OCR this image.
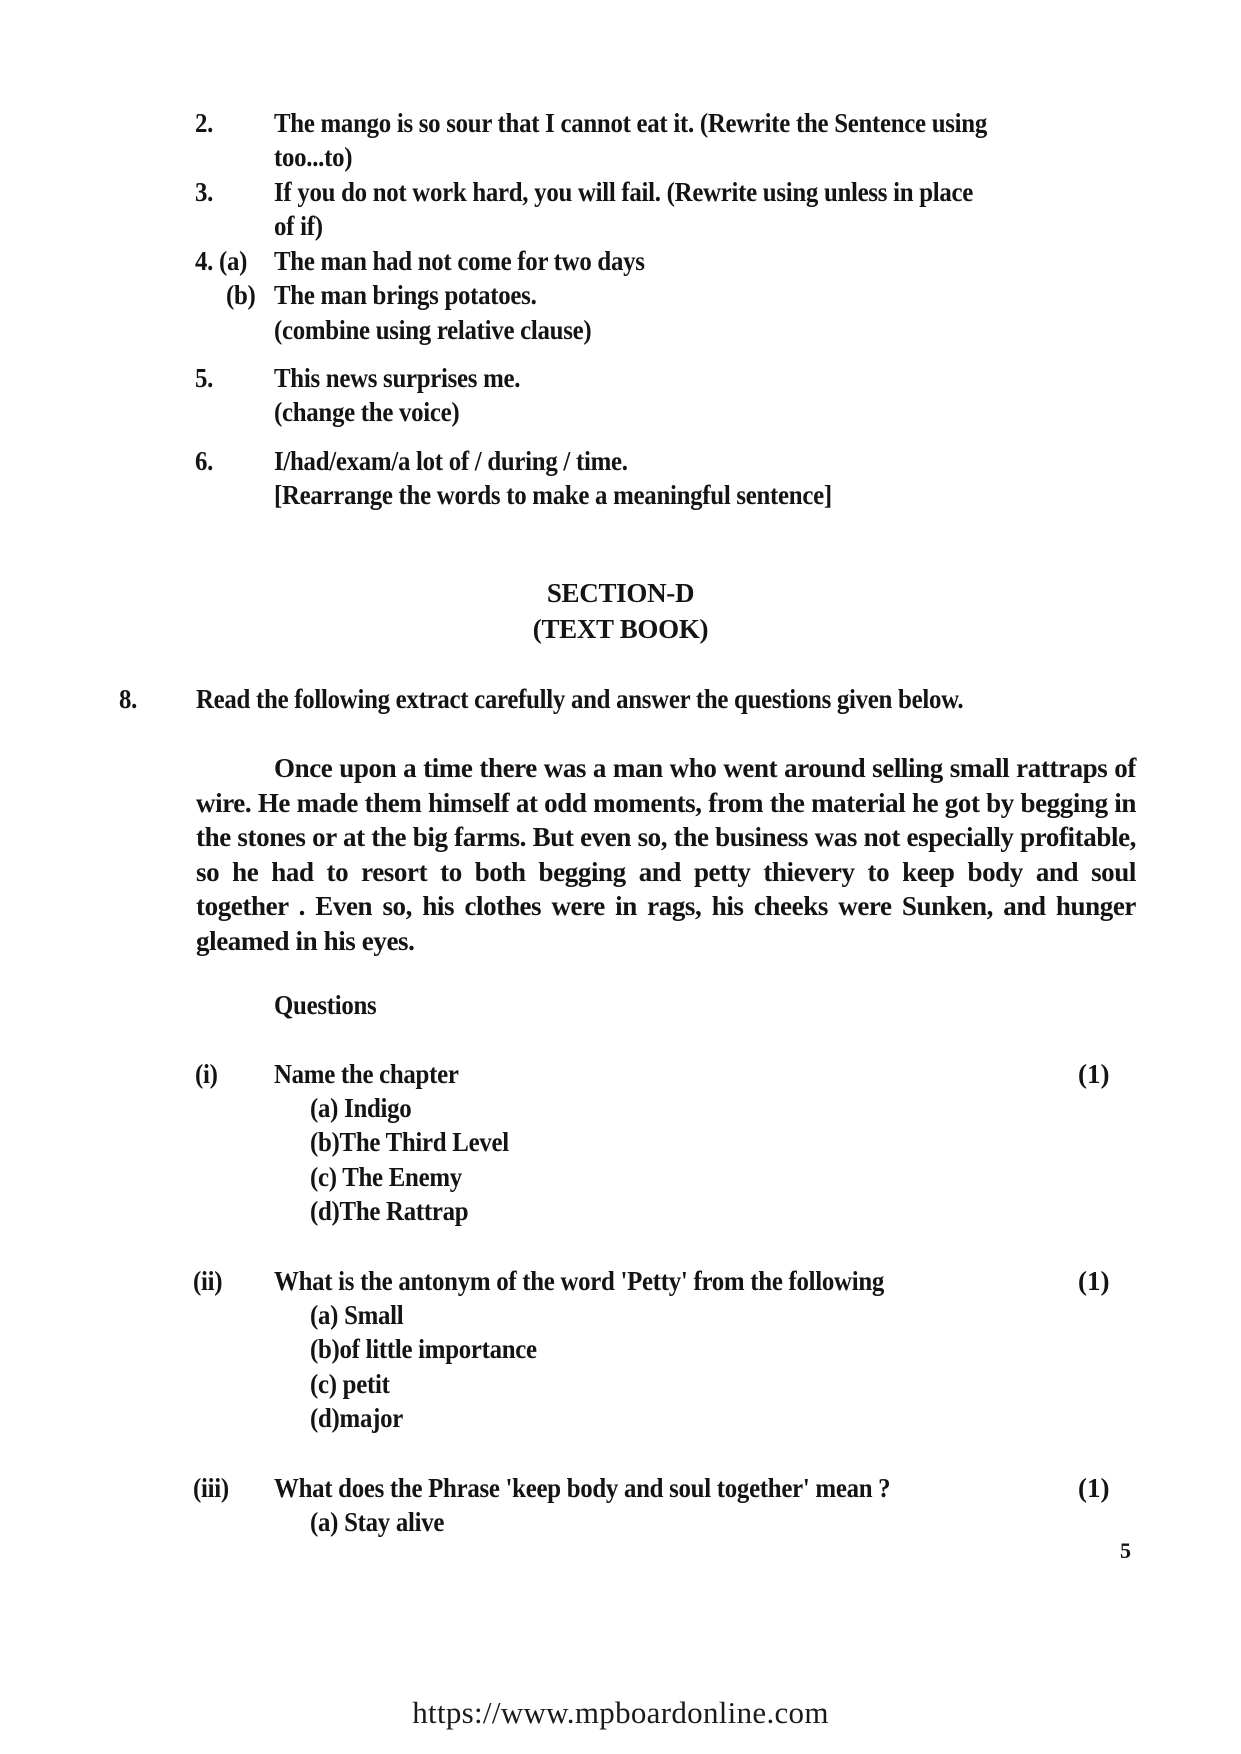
2. The mango is so sour that I cannot eat it. (Rewrite the Sentence using
too...to)
3. If you do not work hard, you will fail. (Rewrite using unless in place
of if)
4. (a) The man had not come for two days
(b) The man brings potatoes.
(combine using relative clause)
5. This news surprises me.
(change the voice)
6. I/had/exam/a lot of / during / time.
[Rearrange the words to make a meaningful sentence]
SECTION-D
(TEXT BOOK)
8. Read the following extract carefully and answer the questions given below.
Once upon a time there was a man who went around selling small rattraps of wire. He made them himself at odd moments, from the material he got by begging in the stones or at the big farms. But even so, the business was not especially profitable, so he had to resort to both begging and petty thievery to keep body and soul together . Even so, his clothes were in rags, his cheeks were Sunken, and hunger gleamed in his eyes.
Questions
(i) Name the chapter	(1)
(a) Indigo
(b)The Third Level
(c) The Enemy
(d)The Rattrap
(ii) What is the antonym of the word 'Petty' from the following	(1)
(a) Small
(b)of little importance
(c) petit
(d)major
(iii) What does the Phrase 'keep body and soul together' mean ?	(1)
(a) Stay alive
5
https://www.mpboardonline.com
